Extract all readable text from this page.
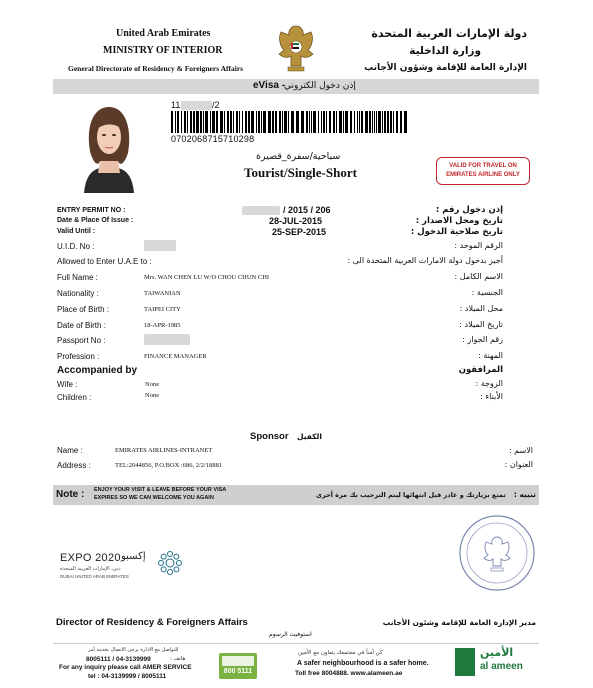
United Arab Emirates
MINISTRY OF INTERIOR
General Directorate of Residency & Foreigners Affairs
دولة الإمارات العربية المتحدة
وزارة الداخلية
الإدارة العامة للإقامة وشؤون الأجانب
eVisa -
إذن دخول الكتروني
11	/2
0702068715710298
سياحية/سفرة_قصيرة
Tourist/Single-Short	VALID FOR TRAVEL ON
EMIRATES AIRLINE ONLY
ENTRY PERMIT NO :	/ 2015 / 206	إذن دخول رقم :
Date & Place Of Issue :	28-JUL-2015	تاريخ ومحل الاصدار :
Valid Until :	25-SEP-2015	تاريخ صلاحية الدخول :
U.I.D. No :	الرقم الموحد :
Allowed to Enter U.A.E to :	أجيز بدخول دولة الامارات العربية المتحدة الى :
Full Name :	Mrs. WAN CHEN LU W/O CHOU CHUN CHI	الاسم الكامل :
Nationality :	TAIWANIAN	الجنسية :
Place of Birth :	TAIPEI CITY	محل الميلاد :
Date of Birth :	18-APR-1985	تاريخ الميلاد :
Passport No :	رقم الجواز :
Profession :	FINANCE MANAGER	المهنة :
Accompanied by	المرافقون
Wife :	None	الزوجة :
Children :	None	الأبناء :
Sponsor الكفيل
Name :	EMIRATES AIRLINES-INTRANET	الاسم :
Address :	TEL:2044856, P.O.BOX :686, 2/2/18881	العنوان :
Note : ENJOY YOUR VISIT & LEAVE BEFORE YOUR VISA
EXPIRES SO WE CAN WELCOME YOU AGAIN	تمتع بزيارتك و غادر قبل انتهائها ليتم الترحيب بك مرة أخرى تنبيه :
EXPO 2020 إكسبو
دبي، الإمارات العربية المتحدة
DUBAI UNITED ARAB EMIRATES
Director of Residency & Foreigners Affairs	مدير الإدارة العامة للإقامة وشئون الأجانب
استوفيت الرسوم
للتواصل مع الادارة يرجى الاتصال بخدمة أمر
8005111 / 04-3139999	هاتف :
For any inquiry please call AMER SERVICE
tel : 04-3139999 / 8005111
800 5111
كن أمناً في مجتمعك بتعاون مع الأمين
A safer neighbourhood is a safer home.
Toll free 8004888. www.alameen.ae
الأمين
al ameen
